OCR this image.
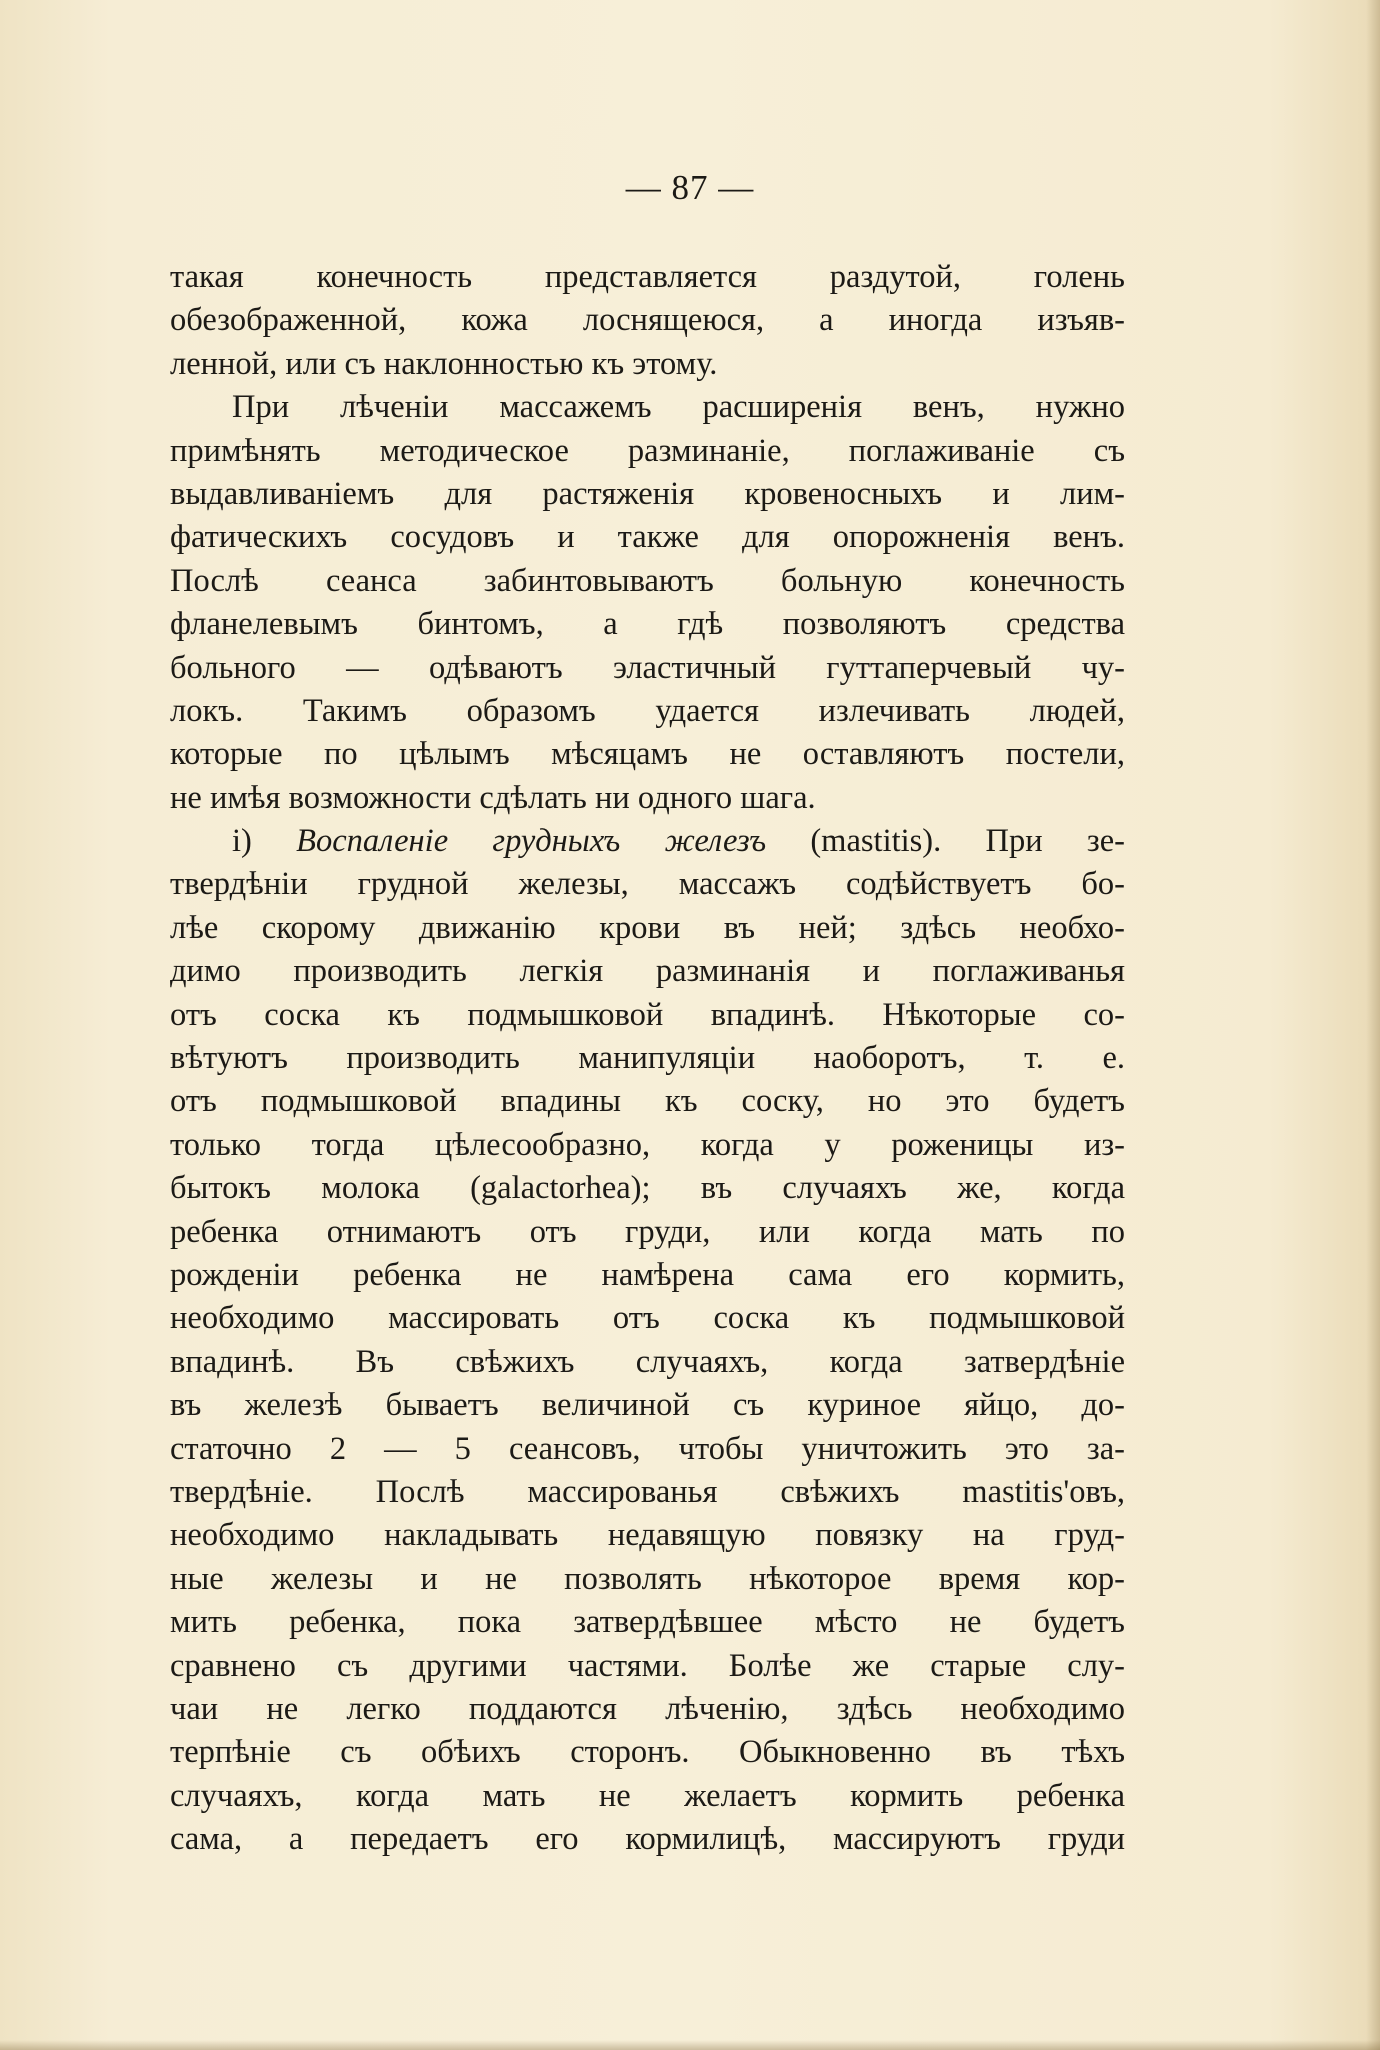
— 87 —
такая конечность представляется раздутой, голень
обезображенной, кожа лоснящеюся, а иногда изъяв-
ленной, или съ наклонностью къ этому.
При лѣченіи массажемъ расширенія венъ, нужно
примѣнять методическое разминаніе, поглаживаніе съ
выдавливаніемъ для растяженія кровеносныхъ и лим-
фатическихъ сосудовъ и также для опорожненія венъ.
Послѣ сеанса забинтовываютъ больную конечность
фланелевымъ бинтомъ, а гдѣ позволяютъ средства
больного — одѣваютъ эластичный гуттаперчевый чу-
локъ. Такимъ образомъ удается излечивать людей,
которые по цѣлымъ мѣсяцамъ не оставляютъ постели,
не имѣя возможности сдѣлать ни одного шага.
i) Воспаленіе грудныхъ железъ (mastitis). При зе-
твердѣніи грудной железы, массажъ содѣйствуетъ бо-
лѣе скорому движанію крови въ ней; здѣсь необхо-
димо производить легкія разминанія и поглаживанья
отъ соска къ подмышковой впадинѣ. Нѣкоторые со-
вѣтуютъ производить манипуляціи наоборотъ, т. е.
отъ подмышковой впадины къ соску, но это будетъ
только тогда цѣлесообразно, когда у роженицы из-
бытокъ молока (galactorhea); въ случаяхъ же, когда
ребенка отнимаютъ отъ груди, или когда мать по
рожденіи ребенка не намѣрена сама его кормить,
необходимо массировать отъ соска къ подмышковой
впадинѣ. Въ свѣжихъ случаяхъ, когда затвердѣніе
въ железѣ бываетъ величиной съ куриное яйцо, до-
статочно 2 — 5 сеансовъ, чтобы уничтожить это за-
твердѣніе. Послѣ массированья свѣжихъ mastitis'овъ,
необходимо накладывать недавящую повязку на груд-
ные железы и не позволять нѣкоторое время кор-
мить ребенка, пока затвердѣвшее мѣсто не будетъ
сравнено съ другими частями. Болѣе же старые слу-
чаи не легко поддаются лѣченію, здѣсь необходимо
терпѣніе съ обѣихъ сторонъ. Обыкновенно въ тѣхъ
случаяхъ, когда мать не желаетъ кормить ребенка
сама, а передаетъ его кормилицѣ, массируютъ груди
